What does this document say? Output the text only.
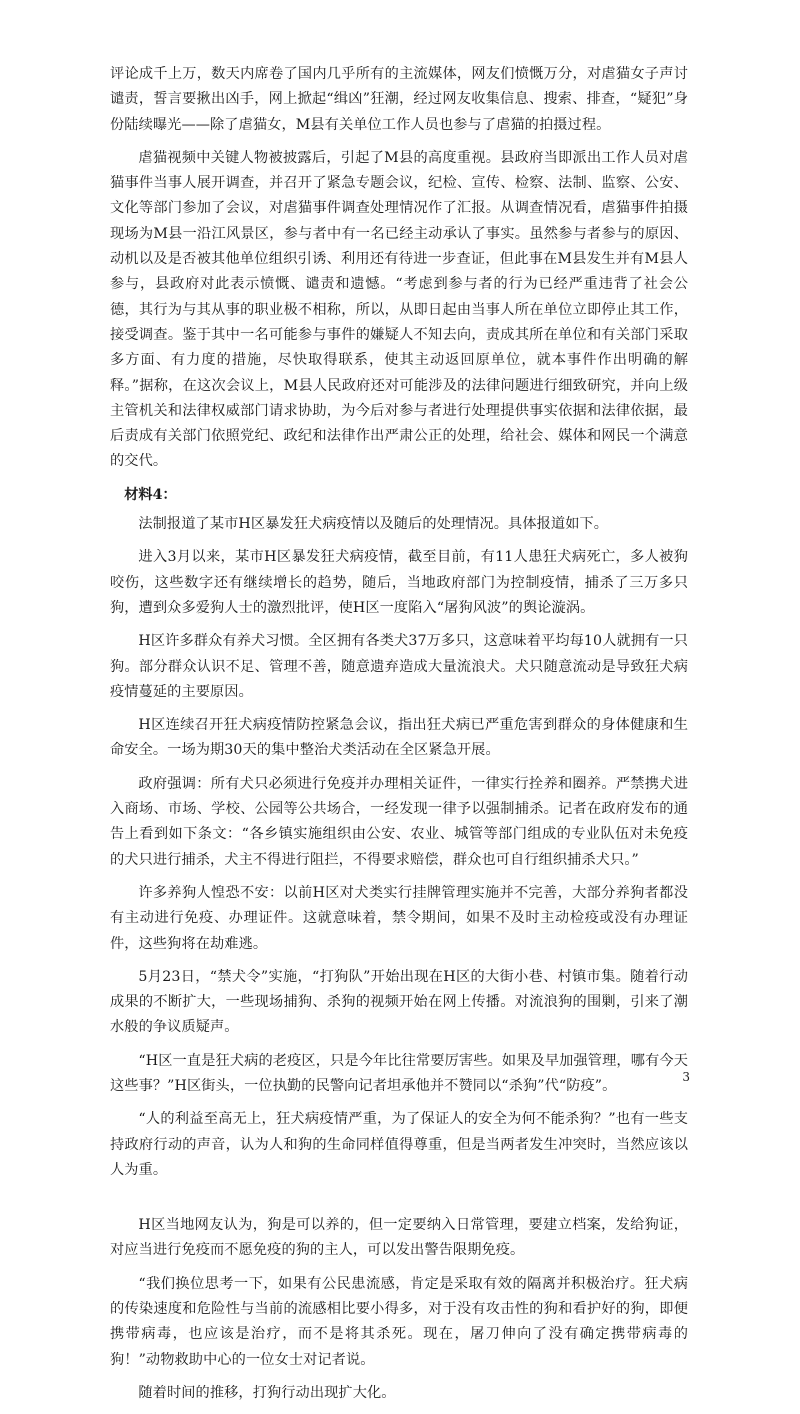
评论成千上万，数天内席卷了国内几乎所有的主流媒体，网友们愤慨万分，对虐猫女子声讨谴责，誓言要揪出凶手，网上掀起“缉凶”狂潮，经过网友收集信息、搜索、排查，“疑犯”身份陆续曝光——除了虐猫女，M县有关单位工作人员也参与了虐猫的拍摄过程。

虐猫视频中关键人物被披露后，引起了M县的高度重视。县政府当即派出工作人员对虐猫事件当事人展开调查，并召开了紧急专题会议，纪检、宣传、检察、法制、监察、公安、文化等部门参加了会议，对虐猫事件调查处理情况作了汇报。从调查情况看，虐猫事件拍摄现场为M县一沿江风景区，参与者中有一名已经主动承认了事实。虽然参与者参与的原因、动机以及是否被其他单位组织引诱、利用还有待进一步查证，但此事在M县发生并有M县人参与，县政府对此表示愤慨、谴责和遗憾。“考虑到参与者的行为已经严重违背了社会公德，其行为与其从事的职业极不相称，所以，从即日起由当事人所在单位立即停止其工作，接受调查。鉴于其中一名可能参与事件的嫌疑人不知去向，责成其所在单位和有关部门采取多方面、有力度的措施，尽快取得联系，使其主动返回原单位，就本事件作出明确的解释。”据称，在这次会议上，M县人民政府还对可能涉及的法律问题进行细致研究，并向上级主管机关和法律权威部门请求协助，为今后对参与者进行处理提供事实依据和法律依据，最后责成有关部门依照党纪、政纪和法律作出严肃公正的处理，给社会、媒体和网民一个满意的交代。

材料4：

法制报道了某市H区暴发狂犬病疫情以及随后的处理情况。具体报道如下。

进入3月以来，某市H区暴发狂犬病疫情，截至目前，有11人患狂犬病死亡，多人被狗咬伤，这些数字还有继续增长的趋势，随后，当地政府部门为控制疫情，捕杀了三万多只狗，遭到众多爱狗人士的激烈批评，使H区一度陷入“屠狗风波”的舆论漩涡。

H区许多群众有养犬习惯。全区拥有各类犬37万多只，这意味着平均每10人就拥有一只狗。部分群众认识不足、管理不善，随意遗弃造成大量流浪犬。犬只随意流动是导致狂犬病疫情蔓延的主要原因。

H区连续召开狂犬病疫情防控紧急会议，指出狂犬病已严重危害到群众的身体健康和生命安全。一场为期30天的集中整治犬类活动在全区紧急开展。

政府强调：所有犬只必须进行免疫并办理相关证件，一律实行拴养和圈养。严禁携犬进入商场、市场、学校、公园等公共场合，一经发现一律予以强制捕杀。记者在政府发布的通告上看到如下条文：“各乡镇实施组织由公安、农业、城管等部门组成的专业队伍对未免疫的犬只进行捕杀，犬主不得进行阻拦，不得要求赔偿，群众也可自行组织捕杀犬只。”

许多养狗人惶恐不安：以前H区对犬类实行挂牌管理实施并不完善，大部分养狗者都没有主动进行免疫、办理证件。这就意味着，禁令期间，如果不及时主动检疫或没有办理证件，这些狗将在劫难逃。

5月23日，“禁犬令”实施，“打狗队”开始出现在H区的大街小巷、村镇市集。随着行动成果的不断扩大，一些现场捕狗、杀狗的视频开始在网上传播。对流浪狗的围剿，引来了潮水般的争议质疑声。

“H区一直是狂犬病的老疫区，只是今年比往常要厉害些。如果及早加强管理，哪有今天这些事？”H区街头，一位执勤的民警向记者坦承他并不赞同以“杀狗”代“防疫”。

“人的利益至高无上，狂犬病疫情严重，为了保证人的安全为何不能杀狗？”也有一些支持政府行动的声音，认为人和狗的生命同样值得尊重，但是当两者发生冲突时，当然应该以人为重。

H区当地网友认为，狗是可以养的，但一定要纳入日常管理，要建立档案，发给狗证，对应当进行免疫而不愿免疫的狗的主人，可以发出警告限期免疫。

“我们换位思考一下，如果有公民患流感，肯定是采取有效的隔离并积极治疗。狂犬病的传染速度和危险性与当前的流感相比要小得多，对于没有攻击性的狗和看护好的狗，即便携带病毒，也应该是治疗，而不是将其杀死。现在，屠刀伸向了没有确定携带病毒的狗！”动物救助中心的一位女士对记者说。

随着时间的推移，打狗行动出现扩大化。

3
